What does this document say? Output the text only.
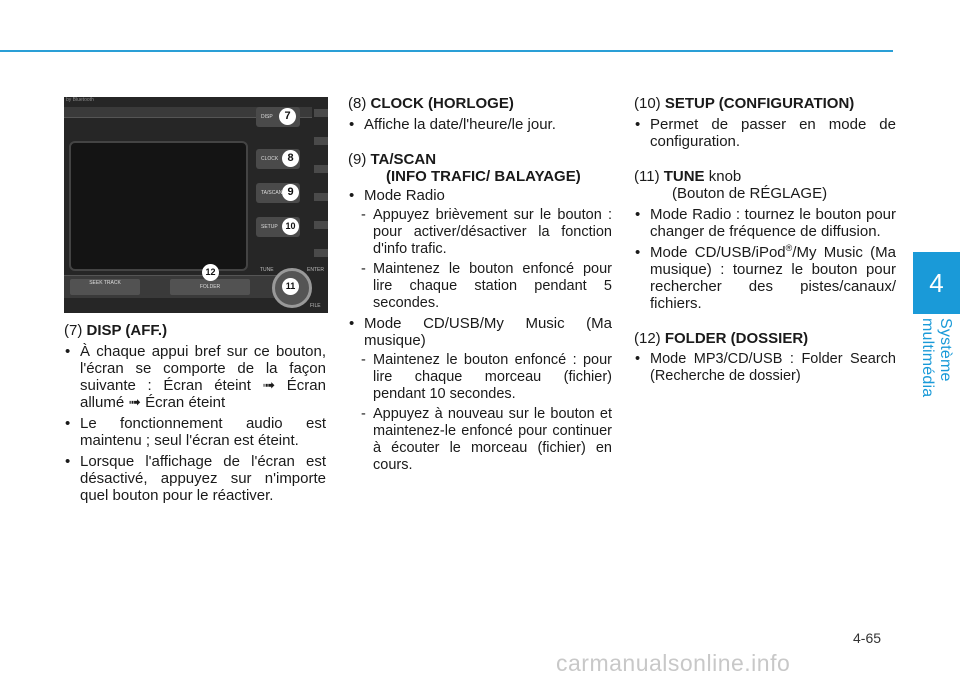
4
Système multimédia
by Bluetooth
DISP	7
CLOCK 8
TA/SCAN 9
SETUP 10
SEEK TRACK
FOLDER
12	TUNE	ENTER
11
FILE

(7) DISP (AFF.)

• À chaque appui bref sur ce bouton, l'écran se comporte de la façon suivante : Écran éteint ➟ Écran allumé ➟ Écran éteint

• Le fonctionnement audio est maintenu ; seul l'écran est éteint.

• Lorsque l'affichage de l'écran est désactivé, appuyez sur n'importe quel bouton pour le réactiver.

(8) CLOCK (HORLOGE)

• Affiche la date/l'heure/le jour.

(9) TA/SCAN

(INFO TRAFIC/ BALAYAGE)

• Mode Radio

- Appuyez brièvement sur le bouton : pour activer/désactiver la fonction d'info trafic.

- Maintenez le bouton enfoncé pour lire chaque station pendant 5 secondes.

• Mode CD/USB/My Music (Ma musique)

- Maintenez le bouton enfoncé : pour lire chaque morceau (fichier) pendant 10 secondes.

- Appuyez à nouveau sur le bouton et maintenez-le enfoncé pour continuer à écouter le morceau (fichier) en cours.

(10) SETUP (CONFIGURATION)

• Permet de passer en mode de configuration.

(11) TUNE knob

(Bouton de RÉGLAGE)

• Mode Radio : tournez le bouton pour changer de fréquence de diffusion.

• Mode CD/USB/iPod®/My Music (Ma musique) : tournez le bouton pour rechercher des pistes/canaux/ fichiers.

(12) FOLDER (DOSSIER)

• Mode MP3/CD/USB : Folder Search (Recherche de dossier)

4-65
carmanualsonline.info
